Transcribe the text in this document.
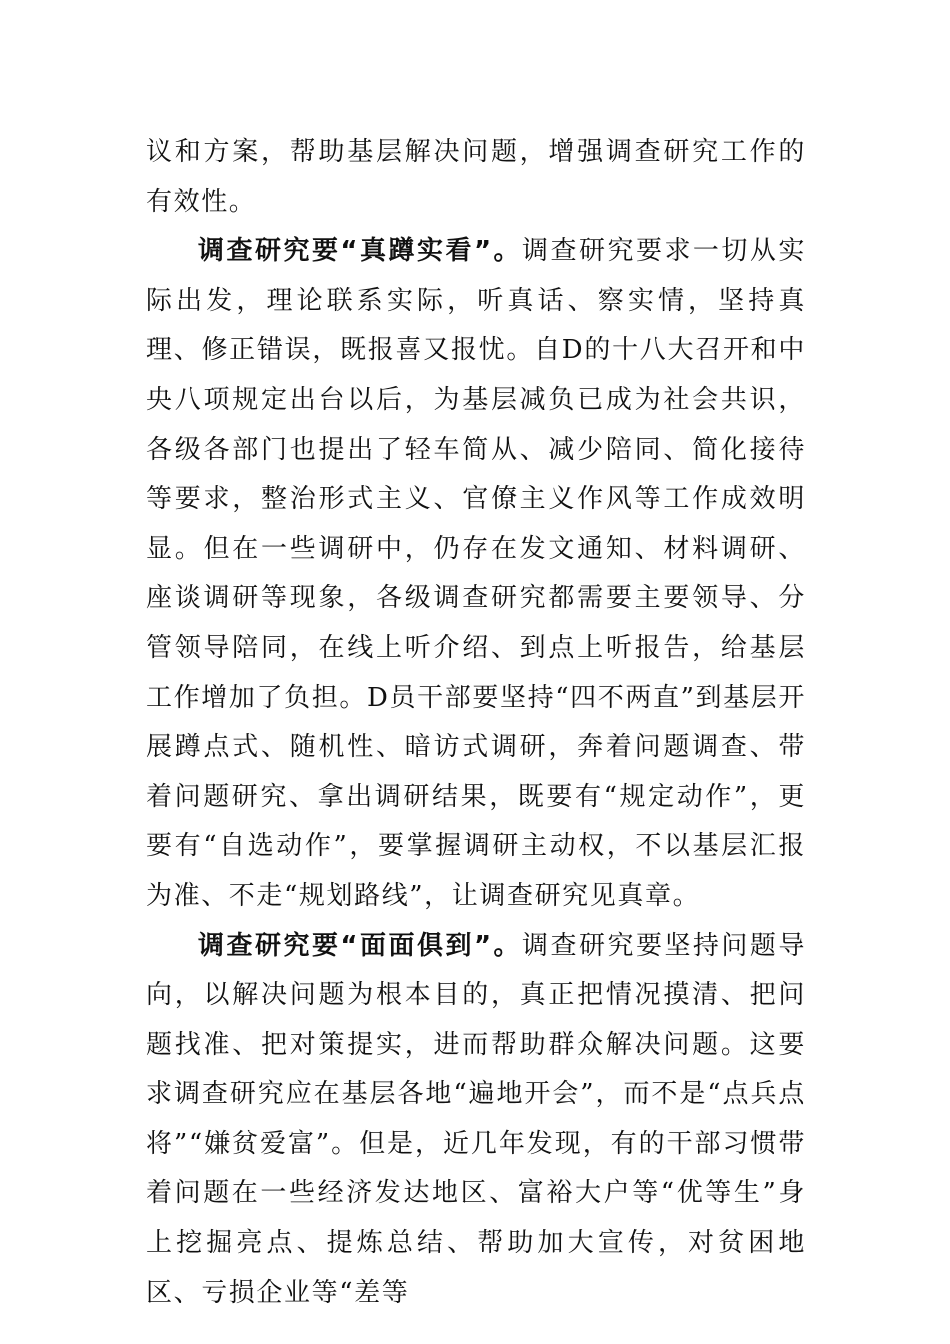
议和方案，帮助基层解决问题，增强调查研究工作的有效性。

调查研究要“真蹲实看”。调查研究要求一切从实际出发，理论联系实际，听真话、察实情，坚持真理、修正错误，既报喜又报忧。自D的十八大召开和中央八项规定出台以后，为基层减负已成为社会共识，各级各部门也提出了轻车简从、减少陪同、简化接待等要求，整治形式主义、官僚主义作风等工作成效明显。但在一些调研中，仍存在发文通知、材料调研、座谈调研等现象，各级调查研究都需要主要领导、分管领导陪同，在线上听介绍、到点上听报告，给基层工作增加了负担。D员干部要坚持“四不两直”到基层开展蹲点式、随机性、暗访式调研，奔着问题调查、带着问题研究、拿出调研结果，既要有“规定动作”，更要有“自选动作”，要掌握调研主动权，不以基层汇报为准、不走“规划路线”，让调查研究见真章。

调查研究要“面面俱到”。调查研究要坚持问题导向，以解决问题为根本目的，真正把情况摸清、把问题找准、把对策提实，进而帮助群众解决问题。这要求调查研究应在基层各地“遍地开会”，而不是“点兵点将”“嫌贫爱富”。但是，近几年发现，有的干部习惯带着问题在一些经济发达地区、富裕大户等“优等生”身上挖掘亮点、提炼总结、帮助加大宣传，对贫困地区、亏损企业等“差等
